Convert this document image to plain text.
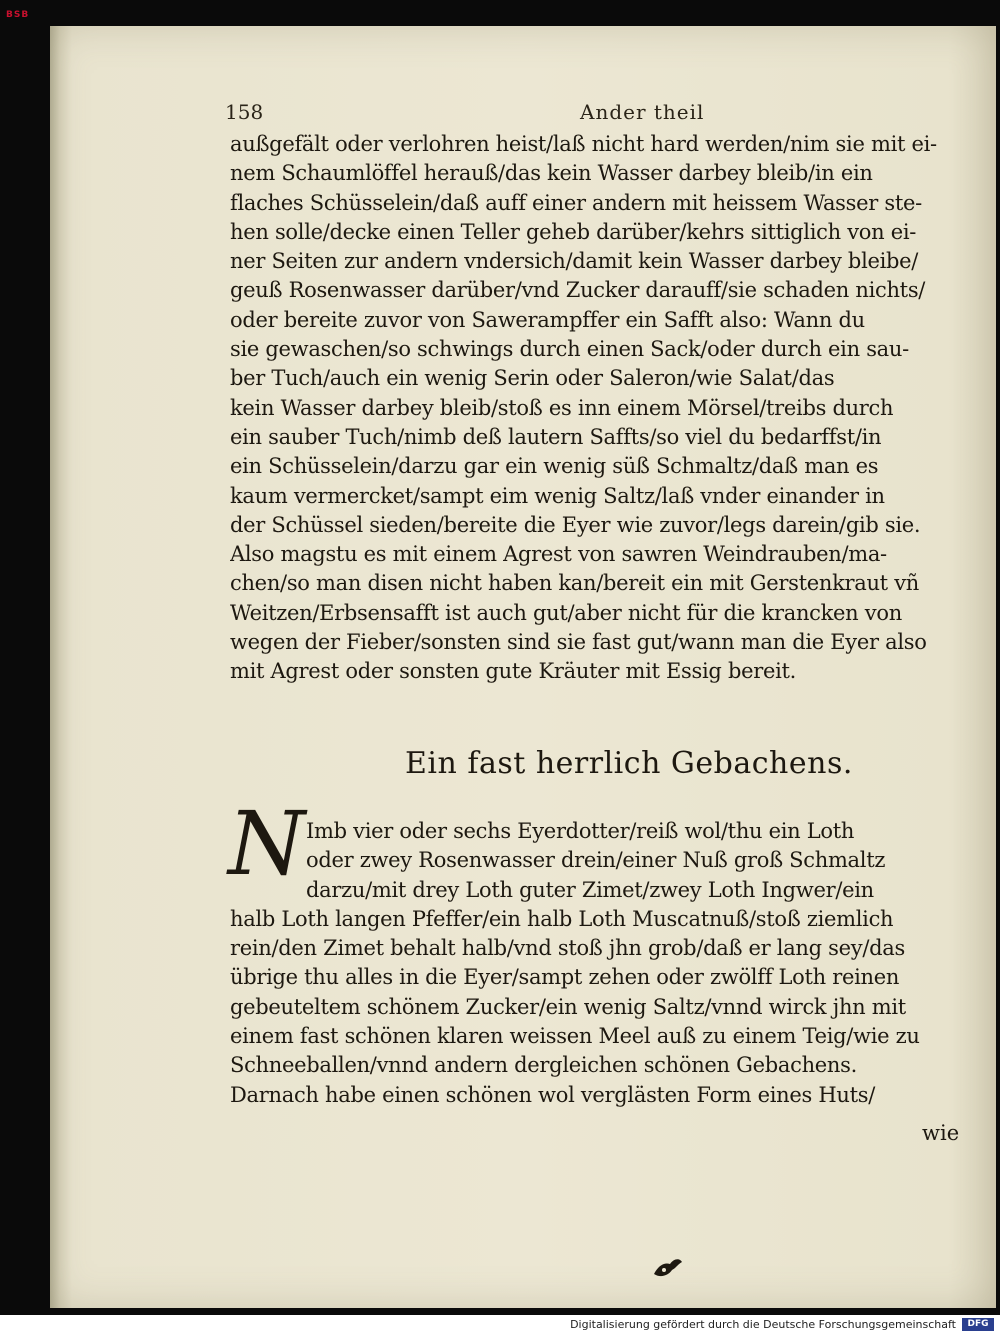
BSB
158	Ander theil
außgefält oder verlohren heist/laß nicht hard werden/nim sie mit ei-
nem Schaumlöffel herauß/das kein Wasser darbey bleib/in ein
flaches Schüsselein/daß auff einer andern mit heissem Wasser ste-
hen solle/decke einen Teller geheb darüber/kehrs sittiglich von ei-
ner Seiten zur andern vndersich/damit kein Wasser darbey bleibe/
geuß Rosenwasser darüber/vnd Zucker darauff/sie schaden nichts/
oder bereite zuvor von Sawerampffer ein Safft also: Wann du
sie gewaschen/so schwings durch einen Sack/oder durch ein sau-
ber Tuch/auch ein wenig Serin oder Saleron/wie Salat/das
kein Wasser darbey bleib/stoß es inn einem Mörsel/treibs durch
ein sauber Tuch/nimb deß lautern Saffts/so viel du bedarffst/in
ein Schüsselein/darzu gar ein wenig süß Schmaltz/daß man es
kaum vermercket/sampt eim wenig Saltz/laß vnder einander in
der Schüssel sieden/bereite die Eyer wie zuvor/legs darein/gib sie.
Also magstu es mit einem Agrest von sawren Weindrauben/ma-
chen/so man disen nicht haben kan/bereit ein mit Gerstenkraut vñ
Weitzen/Erbsensafft ist auch gut/aber nicht für die krancken von
wegen der Fieber/sonsten sind sie fast gut/wann man die Eyer also
mit Agrest oder sonsten gute Kräuter mit Essig bereit.
Ein fast herrlich Gebachens.
N Imb vier oder sechs Eyerdotter/reiß wol/thu ein Loth
oder zwey Rosenwasser drein/einer Nuß groß Schmaltz
darzu/mit drey Loth guter Zimet/zwey Loth Ingwer/ein
halb Loth langen Pfeffer/ein halb Loth Muscatnuß/stoß ziemlich
rein/den Zimet behalt halb/vnd stoß jhn grob/daß er lang sey/das
übrige thu alles in die Eyer/sampt zehen oder zwölff Loth reinen
gebeuteltem schönem Zucker/ein wenig Saltz/vnnd wirck jhn mit
einem fast schönen klaren weissen Meel auß zu einem Teig/wie zu
Schneeballen/vnnd andern dergleichen schönen Gebachens.
Darnach habe einen schönen wol verglästen Form eines Huts/
wie
Digitalisierung gefördert durch die Deutsche Forschungsgemeinschaft	DFG
